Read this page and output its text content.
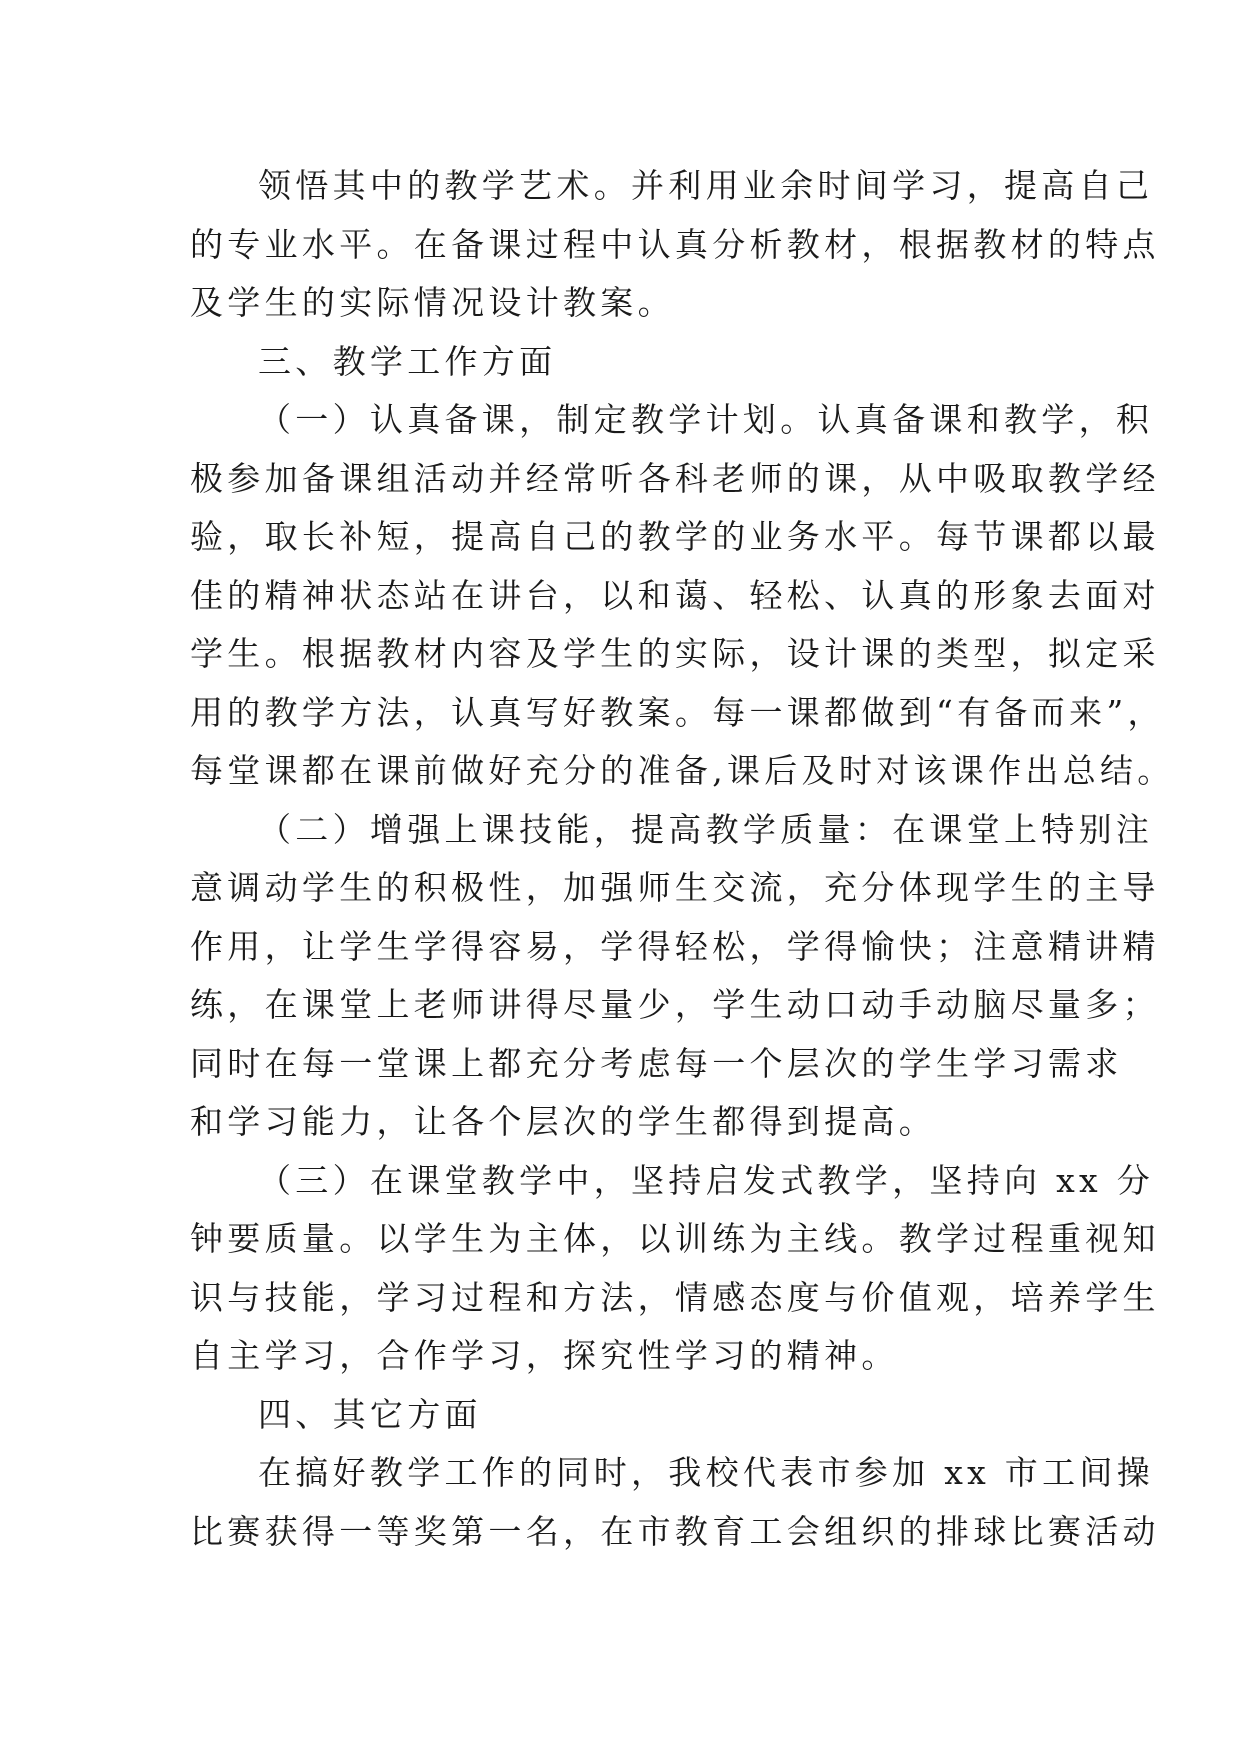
领悟其中的教学艺术。并利用业余时间学习，提高自己
的专业水平。在备课过程中认真分析教材，根据教材的特点
及学生的实际情况设计教案。

三、教学工作方面

（一）认真备课，制定教学计划。认真备课和教学，积
极参加备课组活动并经常听各科老师的课，从中吸取教学经
验，取长补短，提高自己的教学的业务水平。每节课都以最
佳的精神状态站在讲台，以和蔼、轻松、认真的形象去面对
学生。根据教材内容及学生的实际，设计课的类型，拟定采
用的教学方法，认真写好教案。每一课都做到“有备而来”，
每堂课都在课前做好充分的准备,课后及时对该课作出总结。

（二）增强上课技能，提高教学质量：在课堂上特别注
意调动学生的积极性，加强师生交流，充分体现学生的主导
作用，让学生学得容易，学得轻松，学得愉快；注意精讲精
练，在课堂上老师讲得尽量少，学生动口动手动脑尽量多；
同时在每一堂课上都充分考虑每一个层次的学生学习需求
和学习能力，让各个层次的学生都得到提高。

（三）在课堂教学中，坚持启发式教学，坚持向 xx 分
钟要质量。以学生为主体，以训练为主线。教学过程重视知
识与技能，学习过程和方法，情感态度与价值观，培养学生
自主学习，合作学习，探究性学习的精神。

四、其它方面

在搞好教学工作的同时，我校代表市参加 xx 市工间操
比赛获得一等奖第一名，在市教育工会组织的排球比赛活动
